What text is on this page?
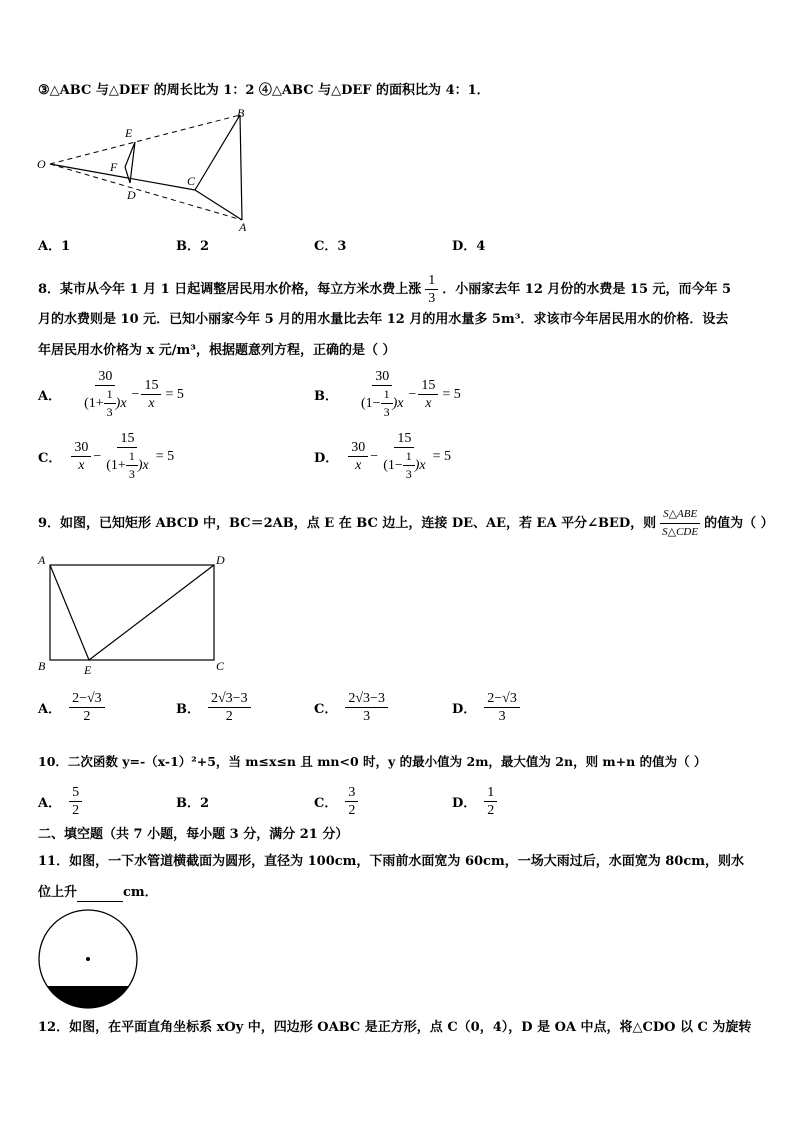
③△ABC 与△DEF 的周长比为 1：2 ④△ABC 与△DEF 的面积比为 4：1．
O
E
F
D
B
C
A
A．1	B．2	C．3	D．4
8．某市从今年 1 月 1 日起调整居民用水价格，每立方米水费上涨 $\frac{1}{3}$ ．小丽家去年 12 月份的水费是 15 元，而今年 5
月的水费则是 10 元．已知小丽家今年 5 月的用水量比去年 12 月的用水量多 5m³．求该市今年居民用水的价格．设去
年居民用水价格为 x 元/m³，根据题意列方程，正确的是（ ）
A． $\frac{30}{(1+ \frac{1}{3} )x} - \frac{15}{x} = 5$	B． $\frac{30}{(1- \frac{1}{3} )x} - \frac{15}{x} = 5$
C． $\frac{30}{x} - \frac{15}{(1+ \frac{1}{3} )x} = 5$	D． $\frac{30}{x} - \frac{15}{(1- \frac{1}{3} )x} = 5$
9．如图，已知矩形 ABCD 中，BC＝2AB，点 E 在 BC 边上，连接 DE、AE，若 EA 平分∠BED，则 $\frac{\text{S△ABE}}{\text{S△CDE}}$ 的值为（ ）
A	D
B	E	C
A． $\frac{2-√3}{2}$	B． $\frac{2√3-3}{2}$	C． $\frac{2√3-3}{3}$	D． $\frac{2-√3}{3}$
10．二次函数 y=-（x-1）²+5，当 m≤x≤n 且 mn<0 时，y 的最小值为 2m，最大值为 2n，则 m+n 的值为（ ）
A． $\frac{5}{2}$	B．2	C． $\frac{3}{2}$	D． $\frac{1}{2}$
二、填空题（共 7 小题，每小题 3 分，满分 21 分）
11．如图，一下水管道横截面为圆形，直径为 100cm，下雨前水面宽为 60cm，一场大雨过后，水面宽为 80cm，则水
位上升	cm．
12．如图，在平面直角坐标系 xOy 中，四边形 OABC 是正方形，点 C（0，4），D 是 OA 中点，将△CDO 以 C 为旋转
